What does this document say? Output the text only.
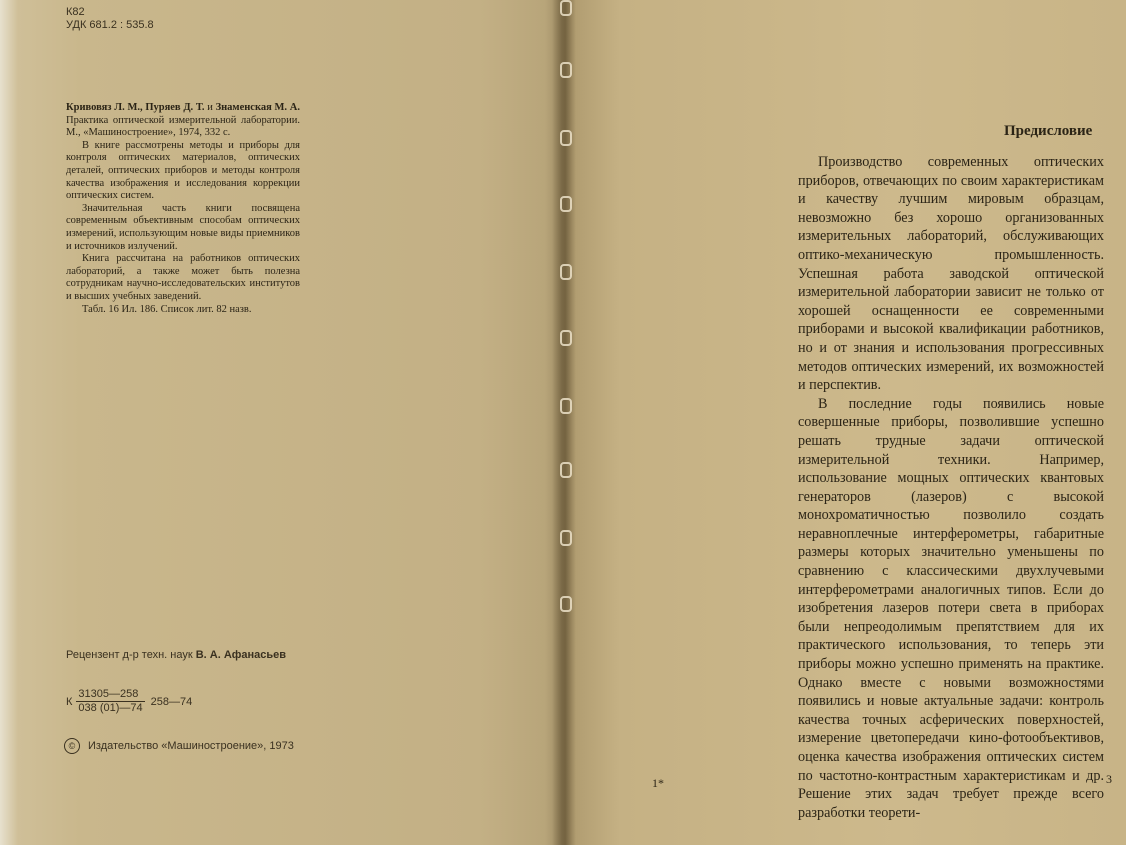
К82
УДК 681.2 : 535.8

Кривовяз Л. М., Пуряев Д. Т. и Знаменская М. А. Практика оптической измерительной лаборатории. М., «Машиностроение», 1974, 332 с.

В книге рассмотрены методы и приборы для контроля оптических материалов, оптических деталей, оптических приборов и методы контроля качества изображения и исследования коррекции оптических систем.

Значительная часть книги посвящена современным объективным способам оптических измерений, использующим новые виды приемников и источников излучений.

Книга рассчитана на работников оптических лабораторий, а также может быть полезна сотрудникам научно-исследовательских институтов и высших учебных заведений.

Табл. 16 Ил. 186. Список лит. 82 назв.

Рецензент д-р техн. наук В. А. Афанасьев
К $\frac{31305—258}{038 (01)—74}$ 258—74
©	Издательство «Машиностроение», 1973
Предисловие

Производство современных оптических приборов, отвечающих по своим характеристикам и качеству лучшим мировым образцам, невозможно без хорошо организованных измерительных лабораторий, обслуживающих оптико-механическую промышленность. Успешная работа заводской оптической измерительной лаборатории зависит не только от хорошей оснащенности ее современными приборами и высокой квалификации работников, но и от знания и использования прогрессивных методов оптических измерений, их возможностей и перспектив.

В последние годы появились новые совершенные приборы, позволившие успешно решать трудные задачи оптической измерительной техники. Например, использование мощных оптических квантовых генераторов (лазеров) с высокой монохроматичностью позволило создать неравноплечные интерферометры, габаритные размеры которых значительно уменьшены по сравнению с классическими двухлучевыми интерферометрами аналогичных типов. Если до изобретения лазеров потери света в приборах были непреодолимым препятствием для их практического использования, то теперь эти приборы можно успешно применять на практике. Однако вместе с новыми возможностями появились и новые актуальные задачи: контроль качества точных асферических поверхностей, измерение цветопередачи кино-фотообъективов, оценка качества изображения оптических систем по частотно-контрастным характеристикам и др. Решение этих задач требует прежде всего разработки теорети-

1*	3
